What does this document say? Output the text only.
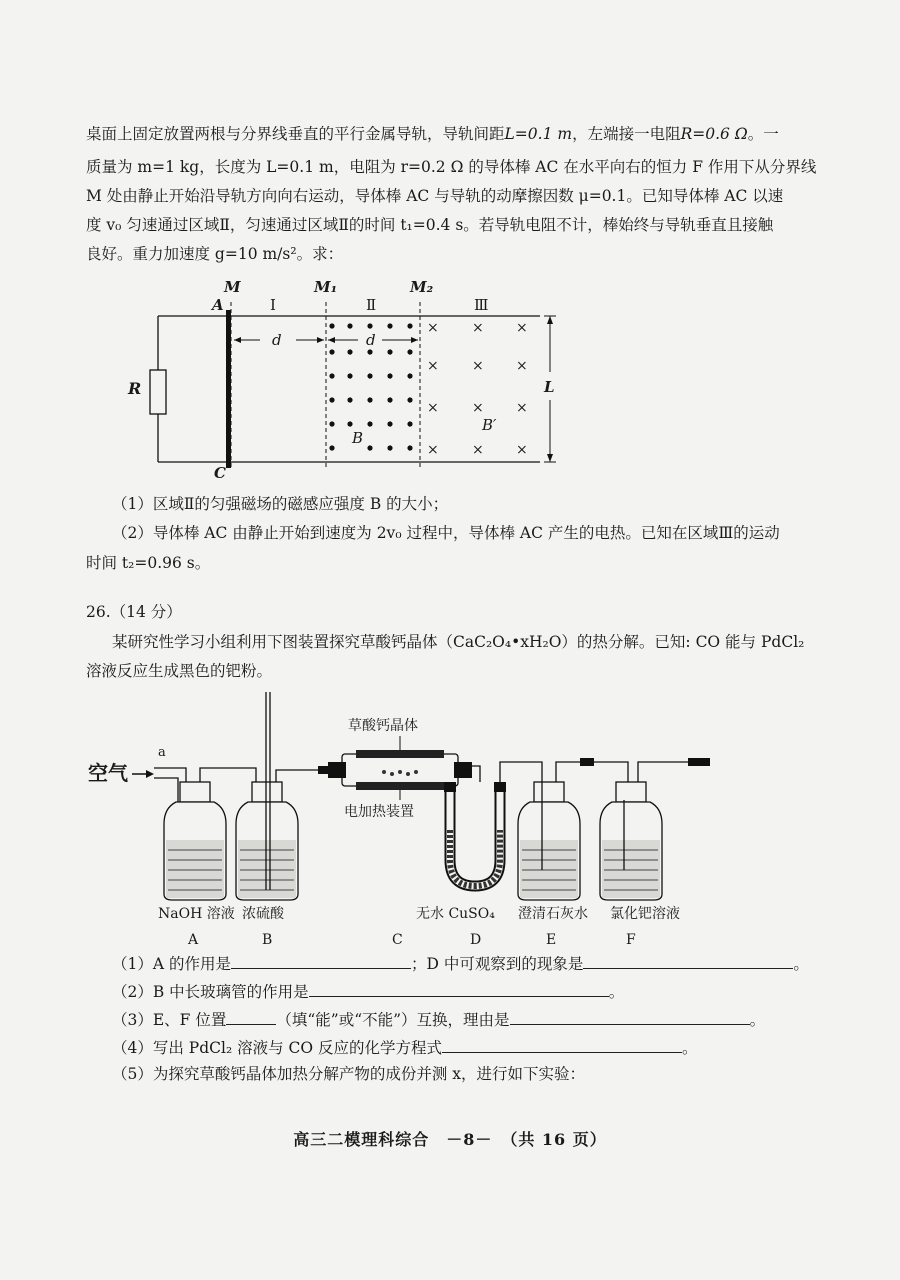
桌面上固定放置两根与分界线垂直的平行金属导轨，导轨间距L=0.1 m，左端接一电阻R=0.6 Ω。一
质量为 m=1 kg，长度为 L=0.1 m，电阻为 r=0.2 Ω 的导体棒 AC 在水平向右的恒力 F 作用下从分界线
M 处由静止开始沿导轨方向向右运动，导体棒 AC 与导轨的动摩擦因数 μ=0.1。已知导体棒 AC 以速
度 v₀ 匀速通过区域Ⅱ，匀速通过区域Ⅱ的时间 t₁=0.4 s。若导轨电阻不计，棒始终与导轨垂直且接触
良好。重力加速度 g=10 m/s²。求：
R
A
C
M	M₁	M₂
Ⅰ	Ⅱ	Ⅲ
d	d
B
× × ×
× × ×
× × ×
× × ×
B′
L
（1）区域Ⅱ的匀强磁场的磁感应强度 B 的大小；
（2）导体棒 AC 由静止开始到速度为 2v₀ 过程中，导体棒 AC 产生的电热。已知在区域Ⅲ的运动
时间 t₂=0.96 s。
26.（14 分）
某研究性学习小组利用下图装置探究草酸钙晶体（CaC₂O₄•xH₂O）的热分解。已知: CO 能与 PdCl₂
溶液反应生成黑色的钯粉。
空气
a
草酸钙晶体
电加热装置
NaOH 溶液 浓硫酸	无水 CuSO₄ 澄清石灰水 氯化钯溶液
A	B	C	D	E	F
（1）A 的作用是	；D 中可观察到的现象是	。
（2）B 中长玻璃管的作用是	。
（3）E、F 位置	（填“能”或“不能”）互换，理由是	。
（4）写出 PdCl₂ 溶液与 CO 反应的化学方程式	。
（5）为探究草酸钙晶体加热分解产物的成份并测 x，进行如下实验：
高三二模理科综合　－8－　（共 16 页）
